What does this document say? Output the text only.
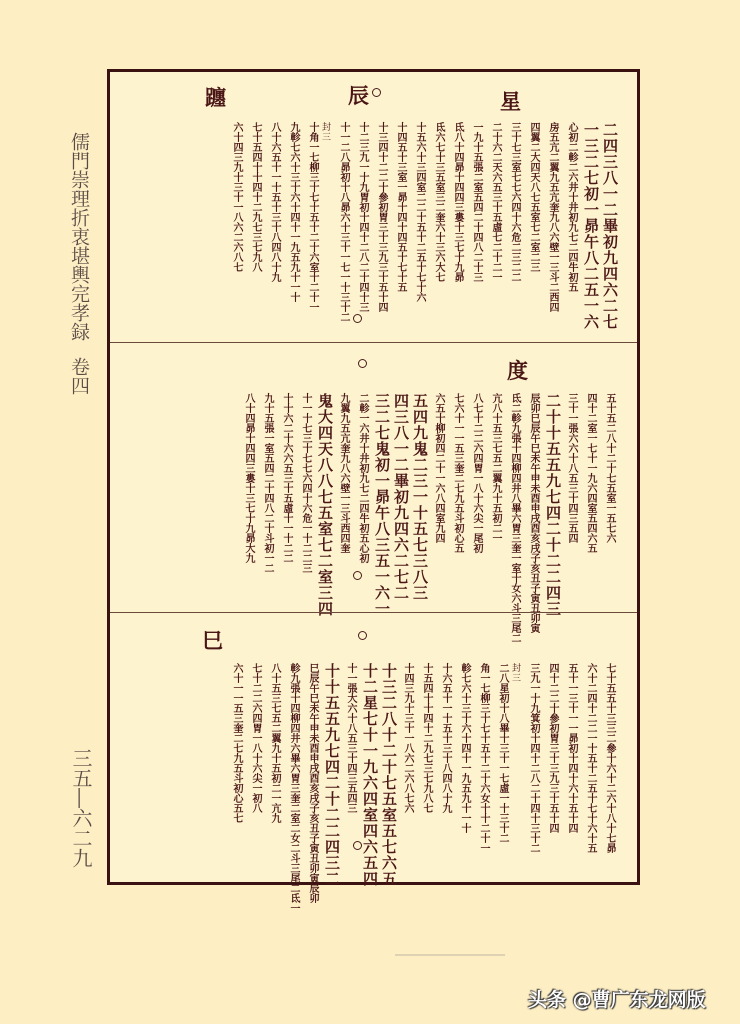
儒門崇理折衷堪輿完孝録卷四
三五―六二九
星
辰
躔
二四三八一二畢初九四六二七
一三二七初一昴午八二五一六
心初二軫二六井十井初九七二四牛初五
房五亢二翼九五亢奎九八六壁一三斗二西四
四翼二大四天八七五室七二室二三
三十七三室七七六四十六危二三二二
二十六二天六五三十五虛七二十二一
一九十五張二室五四二十四八二十三
氐八十四昴十四四三婁十三七十九昴
氐六七十三五室三二奎六十三六大七
十五六十三四室二二十五十二五十七十六
十四五十三室一昴十四十四五十七十五
十三四十二二十參初胃三十三九三十五十四
十二三九一十九胃初十四十二八二十四十三
十一二八昴初十八昴六十三十一七一十三十二
封三
十角一七柳三十七十五十二十六室十二十一
九軫七六十三十六十四十一九五九十一十
八十六五十一十五十三十八四八十九
七十五四十十四十二九七三七九八
六十四三九十三十一八六二六八七
度
五十五二八十二十七五室一五七六
四十二室一七十一九六四室五四六五
三十一張六六十八五三十四三五四
二十十五五九七四二十二二四三
辰卯巳辰午巳未午申未酉申戌酉亥戌子亥丑子寅丑卯寅
氐二軫九張十四柳四井八畢六胃三奎一室十女六斗三尾二
亢八十五三七五二翼九十五初二一
八七十二二六四胃一八十六尖一尾初
七六十一一五三奎二七九五斗初心五
六五十柳初四二十一六八四室九四
五四九鬼二三一十五七三八三
四三八一二畢初九四六二七二
三二七鬼初一昴午八三五一六一
二軫一六井十井初九七二四牛初五心初
九翼九五亢奎九八六壁一三斗西四奎
鬼大四天八八七五室七二室三四
十一十七三十七七六四十六危一十二二三
十十六二十六六五三十五虛十一十二二
九十五張一室五四二十四八二十斗初一二
八十四昴十四四三婁十三七十九昴大九
巳
七十五五十三三二參十六十二六十八十七昴
六十二四十二二一十五十二五十七十六十五
五十一三十一一昴初十四十六十五十四
四十二二十參初胃三十三九三十五十四
三九一十九箕初十四十二八二十四十三十二
封三
二八星初十八畢十三十一七虛一十三十二
角一七柳三十七十五十二十六女十十二十一
軫七六十三十六十四十一九五九十一十
十六五十一十五十三十八四八十九
十五四十十四十二九七三七九八七
十四三九十三十一八六二六八七六
十三二八十二十七五室五七六五
十二星七十一九六四室四六五四
十一張大六十八五三十四三五四三
十十五五九七四二十二二四三二
巳辰午巳未午申未酉申戌酉亥戌子亥丑子寅丑卯寅辰卯
軫九張十四柳四井六畢六胃三奎二室二女二斗三尾二氐一
八十五三七五二翼九十五初二一亢九
七十二二六四胃一八十六尖一初八
六十一一五三奎二七九五斗初心五七
头条 @曹广东龙网版
